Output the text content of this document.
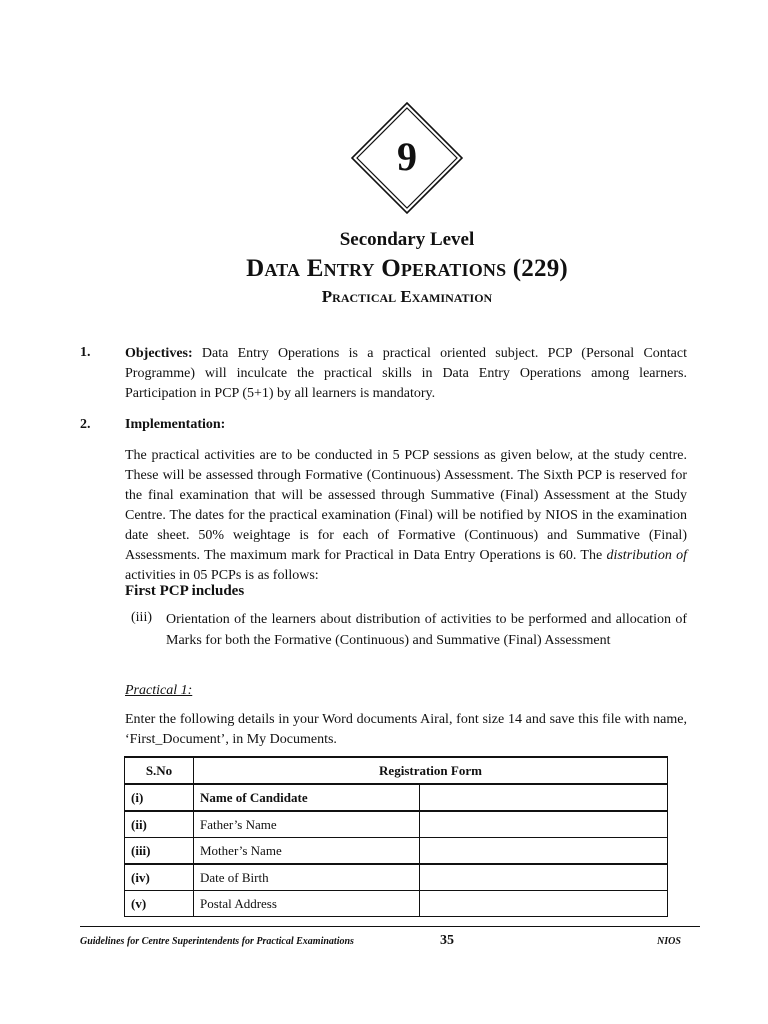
9
Secondary Level
Data Entry Operations (229)
Practical Examination
1. Objectives: Data Entry Operations is a practical oriented subject. PCP (Personal Contact Programme) will inculcate the practical skills in Data Entry Operations among learners. Participation in PCP (5+1) by all learners is mandatory.
2. Implementation:
The practical activities are to be conducted in 5 PCP sessions as given below, at the study centre. These will be assessed through Formative (Continuous) Assessment. The Sixth PCP is reserved for the final examination that will be assessed through Summative (Final) Assessment at the Study Centre. The dates for the practical examination (Final) will be notified by NIOS in the examination date sheet. 50% weightage is for each of Formative (Continuous) and Summative (Final) Assessments. The maximum mark for Practical in Data Entry Operations is 60. The distribution of activities in 05 PCPs is as follows:
First PCP includes
(iii) Orientation of the learners about distribution of activities to be performed and allocation of Marks for both the Formative (Continuous) and Summative (Final) Assessment
Practical 1:
Enter the following details in your Word documents Airal, font size 14 and save this file with name, ‘First_Document’, in My Documents.
S.No	Registration Form	
(i)	Name of Candidate	
(ii)	Father’s Name	
(iii)	Mother’s Name	
(iv)	Date of Birth	
(v)	Postal Address	
Guidelines for Centre Superintendents for Practical Examinations	35	NIOS
